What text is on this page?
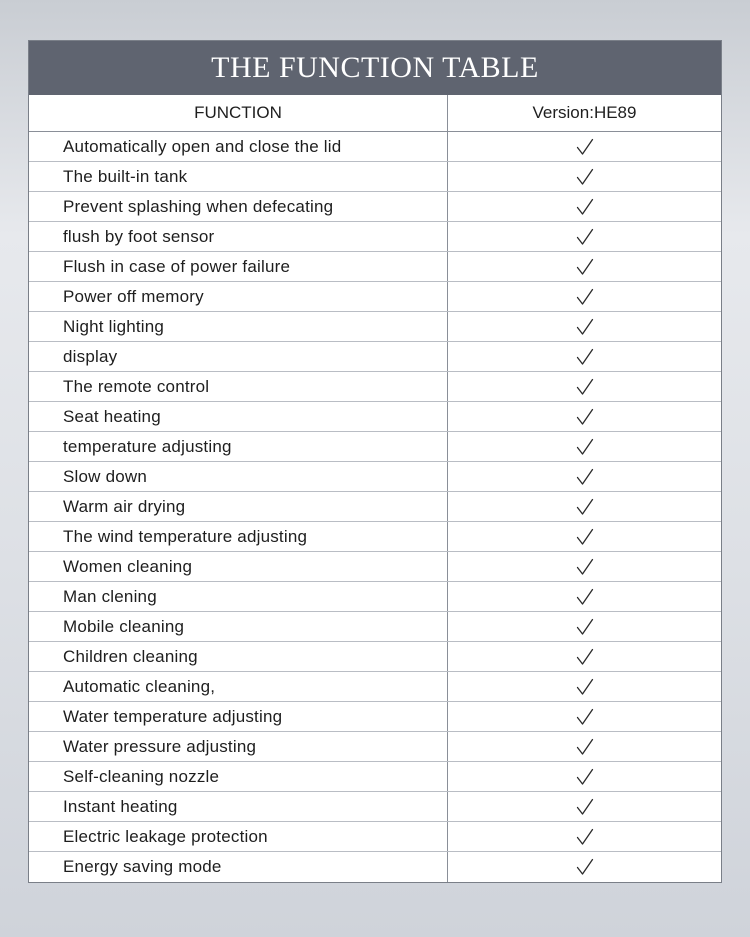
THE FUNCTION TABLE
FUNCTION	Version:HE89
Automatically open and close the lid
The built-in tank
Prevent splashing when defecating
flush by foot sensor
Flush in case of power failure
Power off memory
Night lighting
display
The remote control
Seat heating
temperature adjusting
Slow down
Warm air drying
The wind temperature adjusting
Women cleaning
Man clening
Mobile cleaning
Children cleaning
Automatic cleaning,
Water temperature adjusting
Water pressure adjusting
Self-cleaning nozzle
Instant heating
Electric leakage protection
Energy saving mode
